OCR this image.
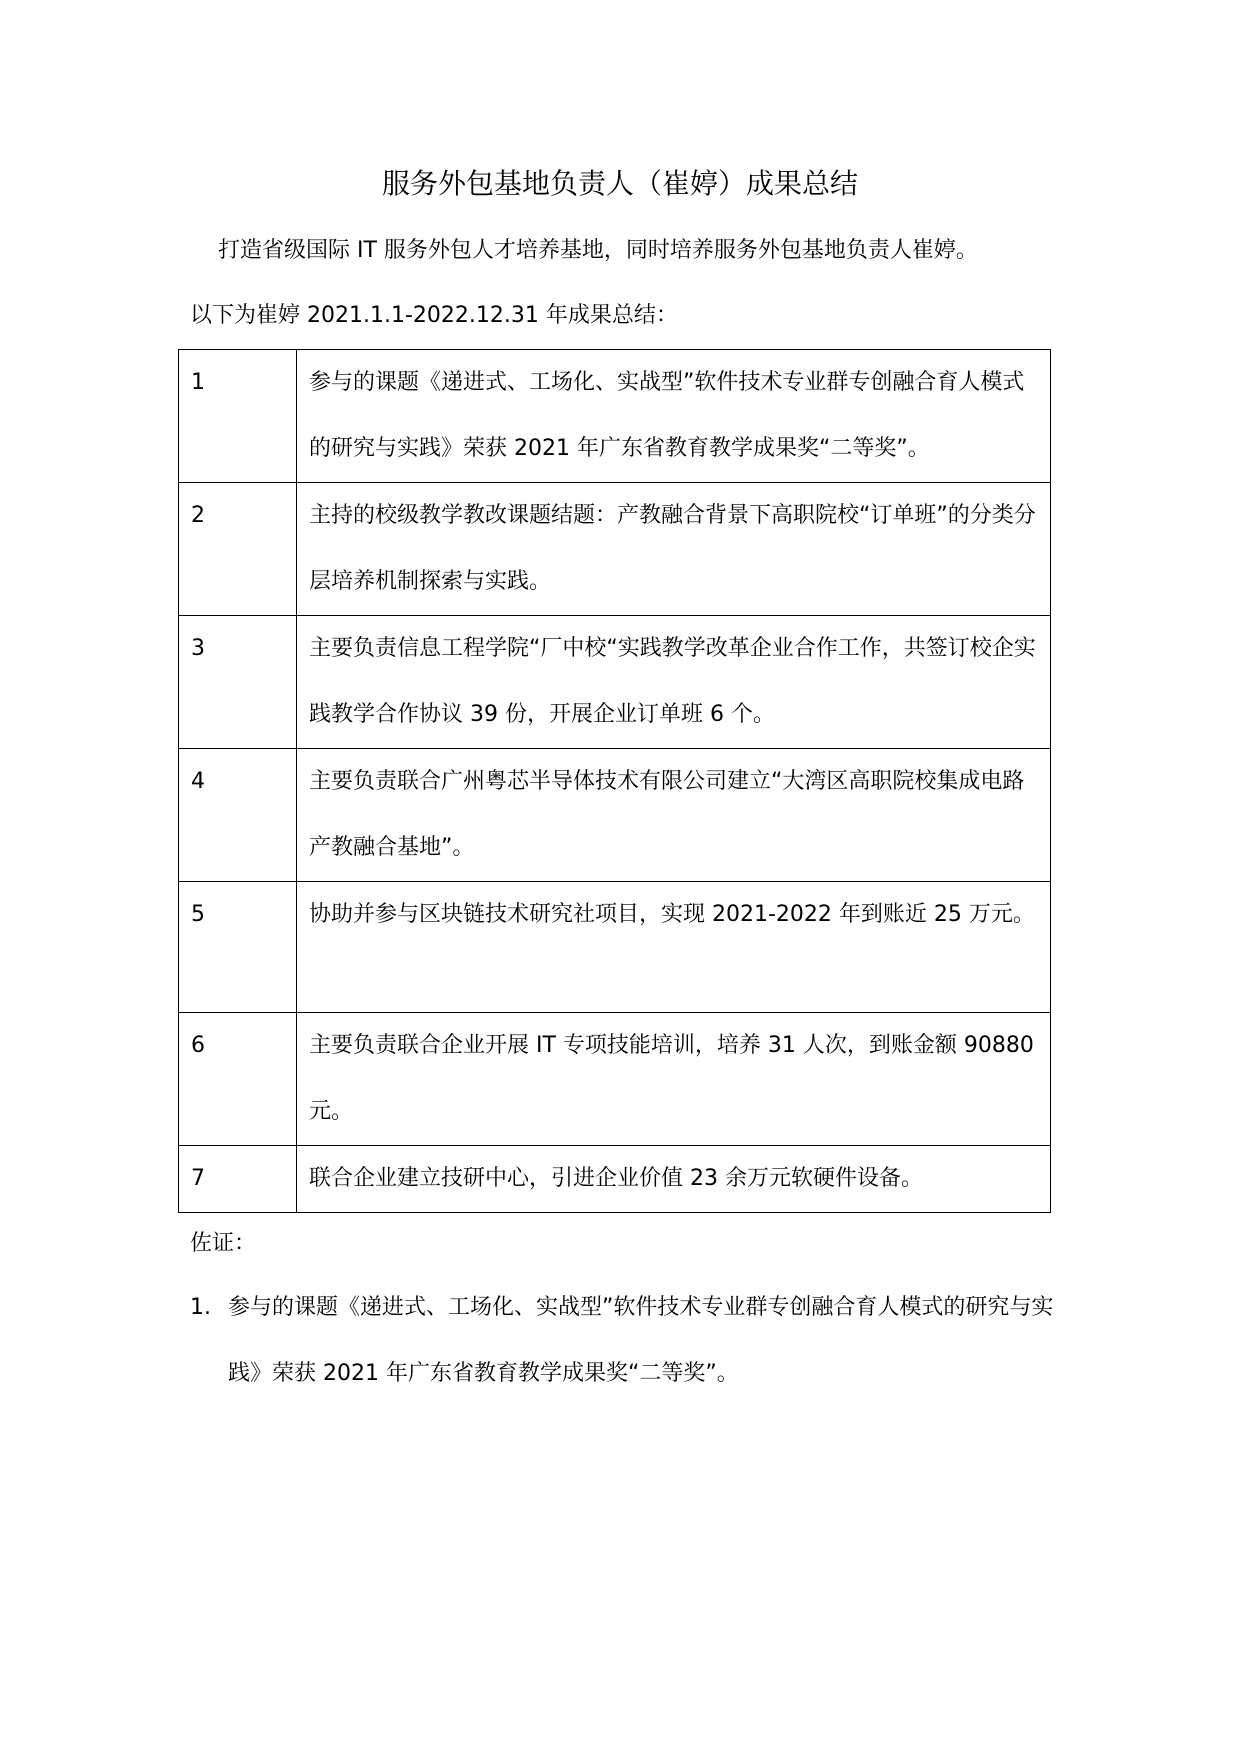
服务外包基地负责人（崔婷）成果总结
打造省级国际 IT 服务外包人才培养基地，同时培养服务外包基地负责人崔婷。
以下为崔婷 2021.1.1-2022.12.31 年成果总结：
1	参与的课题《递进式、工场化、实战型”软件技术专业群专创融合育人模式的研究与实践》荣获 2021 年广东省教育教学成果奖“二等奖”。

2	主持的校级教学教改课题结题：产教融合背景下高职院校“订单班”的分类分层培养机制探索与实践。

3	主要负责信息工程学院“厂中校“实践教学改革企业合作工作，共签订校企实践教学合作协议 39 份，开展企业订单班 6 个。

4	主要负责联合广州粤芯半导体技术有限公司建立“大湾区高职院校集成电路产教融合基地”。

5	协助并参与区块链技术研究社项目，实现 2021-2022 年到账近 25 万元。

6	主要负责联合企业开展 IT 专项技能培训，培养 31 人次，到账金额 90880 元。

7	联合企业建立技研中心，引进企业价值 23 余万元软硬件设备。
佐证：
1. 参与的课题《递进式、工场化、实战型”软件技术专业群专创融合育人模式的研究与实践》荣获 2021 年广东省教育教学成果奖“二等奖”。
